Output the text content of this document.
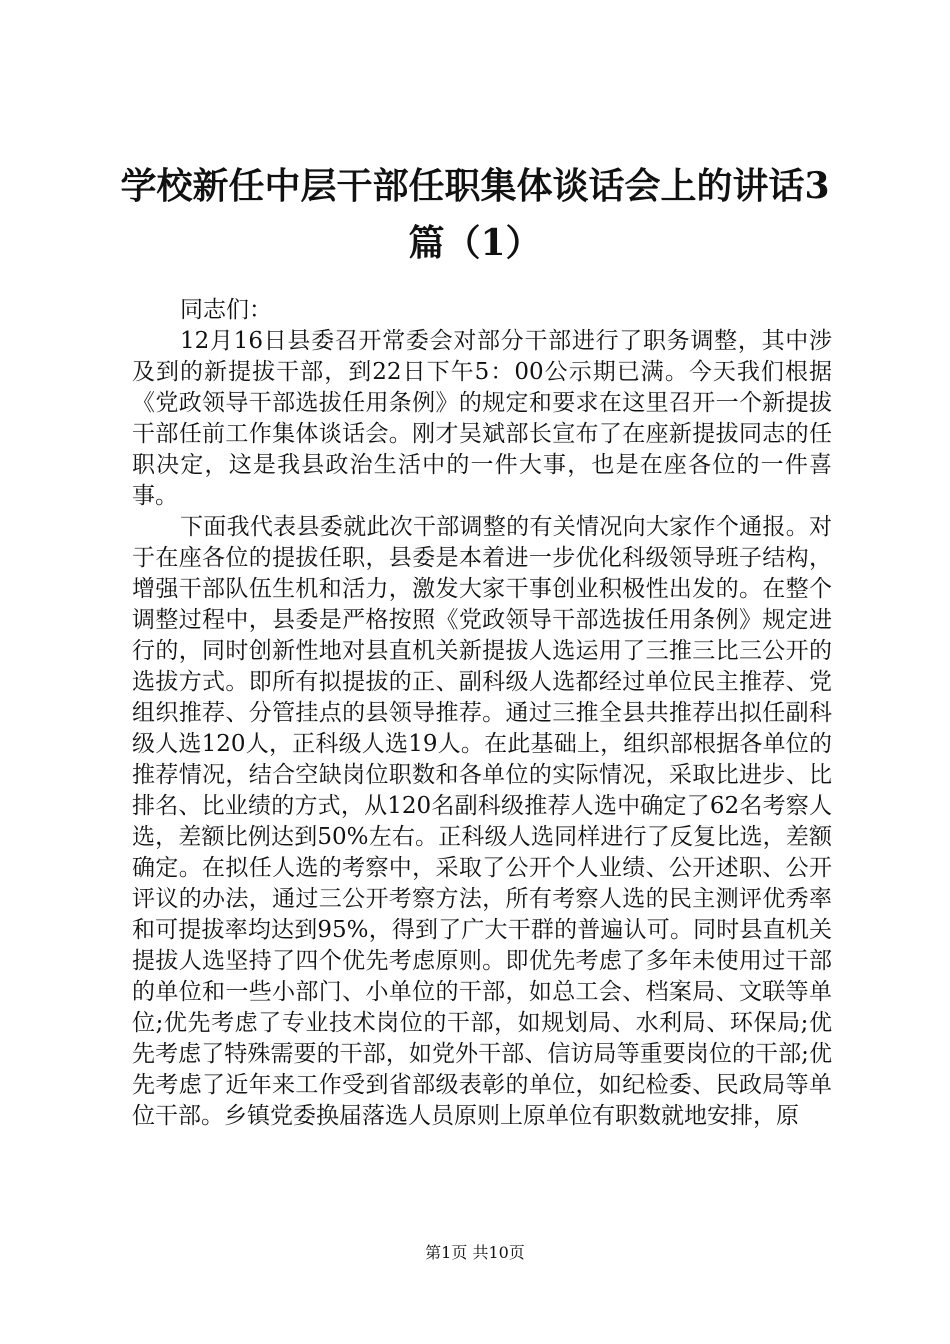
学校新任中层干部任职集体谈话会上的讲话3篇（1）

同志们：

12月16日县委召开常委会对部分干部进行了职务调整，其中涉及到的新提拔干部，到22日下午5：00公示期已满。今天我们根据《党政领导干部选拔任用条例》的规定和要求在这里召开一个新提拔干部任前工作集体谈话会。刚才吴斌部长宣布了在座新提拔同志的任职决定，这是我县政治生活中的一件大事，也是在座各位的一件喜事。

下面我代表县委就此次干部调整的有关情况向大家作个通报。对于在座各位的提拔任职，县委是本着进一步优化科级领导班子结构，增强干部队伍生机和活力，激发大家干事创业积极性出发的。在整个调整过程中，县委是严格按照《党政领导干部选拔任用条例》规定进行的，同时创新性地对县直机关新提拔人选运用了三推三比三公开的选拔方式。即所有拟提拔的正、副科级人选都经过单位民主推荐、党组织推荐、分管挂点的县领导推荐。通过三推全县共推荐出拟任副科级人选120人，正科级人选19人。在此基础上，组织部根据各单位的推荐情况，结合空缺岗位职数和各单位的实际情况，采取比进步、比排名、比业绩的方式，从120名副科级推荐人选中确定了62名考察人选，差额比例达到50%左右。正科级人选同样进行了反复比选，差额确定。在拟任人选的考察中，采取了公开个人业绩、公开述职、公开评议的办法，通过三公开考察方法，所有考察人选的民主测评优秀率和可提拔率均达到95%，得到了广大干群的普遍认可。同时县直机关提拔人选坚持了四个优先考虑原则。即优先考虑了多年未使用过干部的单位和一些小部门、小单位的干部，如总工会、档案局、文联等单位;优先考虑了专业技术岗位的干部，如规划局、水利局、环保局;优先考虑了特殊需要的干部，如党外干部、信访局等重要岗位的干部;优先考虑了近年来工作受到省部级表彰的单位，如纪检委、民政局等单位干部。乡镇党委换届落选人员原则上原单位有职数就地安排，原

第1页 共10页
